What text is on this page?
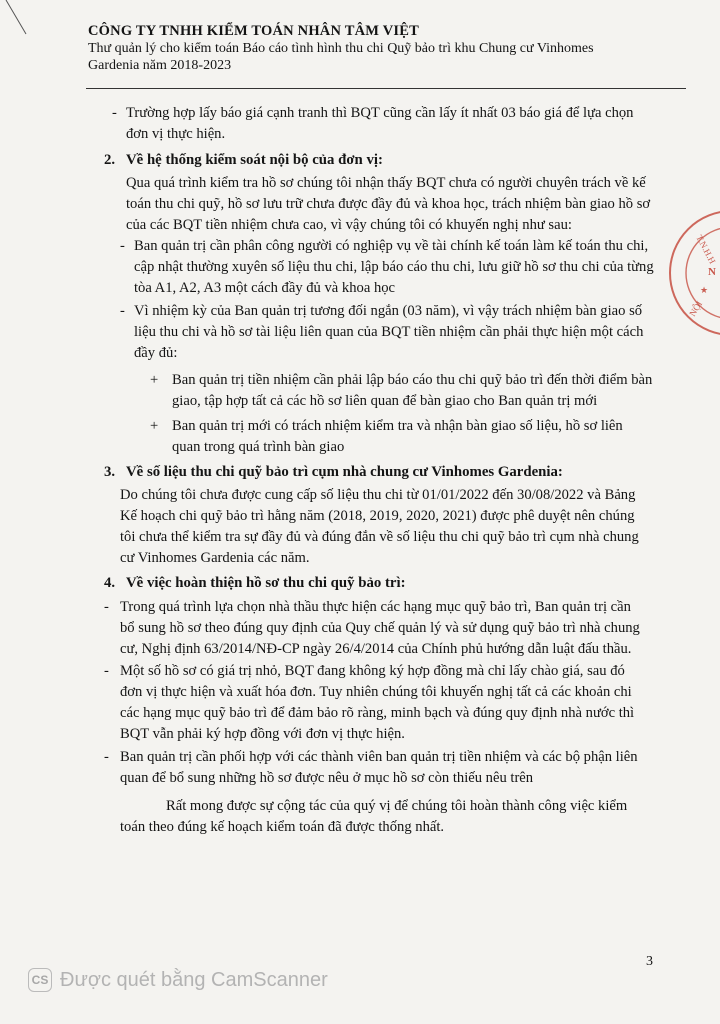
CÔNG TY TNHH KIỂM TOÁN NHÂN TÂM VIỆT
Thư quản lý cho kiểm toán Báo cáo tình hình thu chi Quỹ bảo trì khu Chung cư Vinhomes
Gardenia năm 2018-2023
- Trường hợp lấy báo giá cạnh tranh thì BQT cũng cần lấy ít nhất 03 báo giá để lựa chọn
đơn vị thực hiện.
2. Về hệ thống kiểm soát nội bộ của đơn vị:
Qua quá trình kiểm tra hồ sơ chúng tôi nhận thấy BQT chưa có người chuyên trách về kế
toán thu chi quỹ, hồ sơ lưu trữ chưa được đầy đủ và khoa học, trách nhiệm bàn giao hồ sơ
của các BQT tiền nhiệm chưa cao, vì vậy chúng tôi có khuyến nghị như sau:
- Ban quản trị cần phân công người có nghiệp vụ về tài chính kế toán làm kế toán thu chi,
cập nhật thường xuyên số liệu thu chi, lập báo cáo thu chi, lưu giữ hồ sơ thu chi của từng
tòa A1, A2, A3 một cách đầy đủ và khoa học
- Vì nhiệm kỳ của Ban quản trị tương đối ngắn (03 năm), vì vậy trách nhiệm bàn giao số
liệu thu chi và hồ sơ tài liệu liên quan của BQT tiền nhiệm cần phải thực hiện một cách
đầy đủ:
+ Ban quản trị tiền nhiệm cần phải lập báo cáo thu chi quỹ bảo trì đến thời điểm bàn
giao, tập hợp tất cả các hồ sơ liên quan để bàn giao cho Ban quản trị mới
+ Ban quản trị mới có trách nhiệm kiểm tra và nhận bàn giao số liệu, hồ sơ liên
quan trong quá trình bàn giao
3. Về số liệu thu chi quỹ bảo trì cụm nhà chung cư Vinhomes Gardenia:
Do chúng tôi chưa được cung cấp số liệu thu chi từ 01/01/2022 đến 30/08/2022 và Bảng
Kế hoạch chi quỹ bảo trì hằng năm (2018, 2019, 2020, 2021) được phê duyệt nên chúng
tôi chưa thể kiểm tra sự đầy đủ và đúng đắn về số liệu thu chi quỹ bảo trì cụm nhà chung
cư Vinhomes Gardenia các năm.
4. Về việc hoàn thiện hồ sơ thu chi quỹ bảo trì:
- Trong quá trình lựa chọn nhà thầu thực hiện các hạng mục quỹ bảo trì, Ban quản trị cần
bổ sung hồ sơ theo đúng quy định của Quy chế quản lý và sử dụng quỹ bảo trì nhà chung
cư, Nghị định 63/2014/NĐ-CP ngày 26/4/2014 của Chính phủ hướng dẫn luật đấu thầu.
- Một số hồ sơ có giá trị nhỏ, BQT đang không ký hợp đồng mà chỉ lấy chào giá, sau đó
đơn vị thực hiện và xuất hóa đơn. Tuy nhiên chúng tôi khuyến nghị tất cả các khoản chi
các hạng mục quỹ bảo trì để đảm bảo rõ ràng, minh bạch và đúng quy định nhà nước thì
BQT vẫn phải ký hợp đồng với đơn vị thực hiện.
- Ban quản trị cần phối hợp với các thành viên ban quản trị tiền nhiệm và các bộ phận liên
quan để bổ sung những hồ sơ được nêu ở mục hồ sơ còn thiếu nêu trên
Rất mong được sự cộng tác của quý vị để chúng tôi hoàn thành công việc kiểm
toán theo đúng kế hoạch kiểm toán đã được thống nhất.
T.N.H.H
N
NỘI
★
3
CS Được quét bằng CamScanner
